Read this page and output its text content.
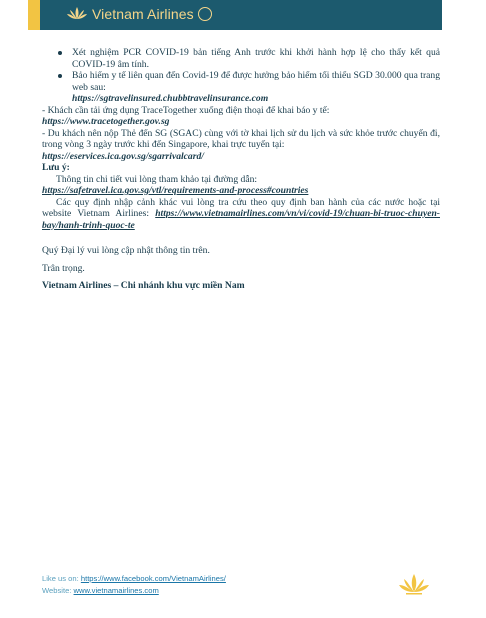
Vietnam Airlines
Xét nghiệm PCR COVID-19 bản tiếng Anh trước khi khởi hành hợp lệ cho thấy kết quả COVID-19 âm tính.
Bảo hiểm y tế liên quan đến Covid-19 để được hưởng bảo hiểm tối thiểu SGD 30.000 qua trang web sau:
https://sgtravelinsured.chubbtravelinsurance.com

- Khách cần tải ứng dụng TraceTogether xuống điện thoại để khai báo y tế:

https://www.tracetogether.gov.sg

- Du khách nên nộp Thẻ đến SG (SGAC) cùng với tờ khai lịch sử du lịch và sức khỏe trước chuyến đi, trong vòng 3 ngày trước khi đến Singapore, khai trực tuyến tại:

https://eservices.ica.gov.sg/sgarrivalcard/

Lưu ý:

Thông tin chi tiết vui lòng tham khảo tại đường dẫn:

https://safetravel.ica.gov.sg/vtl/requirements-and-process#countries

Các quy định nhập cảnh khác vui lòng tra cứu theo quy định ban hành của các nước hoặc tại website Vietnam Airlines: https://www.vietnamairlines.com/vn/vi/covid-19/chuan-bi-truoc-chuyen-bay/hanh-trinh-quoc-te

Quý Đại lý vui lòng cập nhật thông tin trên.

Trân trọng.

Vietnam Airlines – Chi nhánh khu vực miền Nam

Like us on: https://www.facebook.com/VietnamAirlines/
Website: www.vietnamairlines.com
